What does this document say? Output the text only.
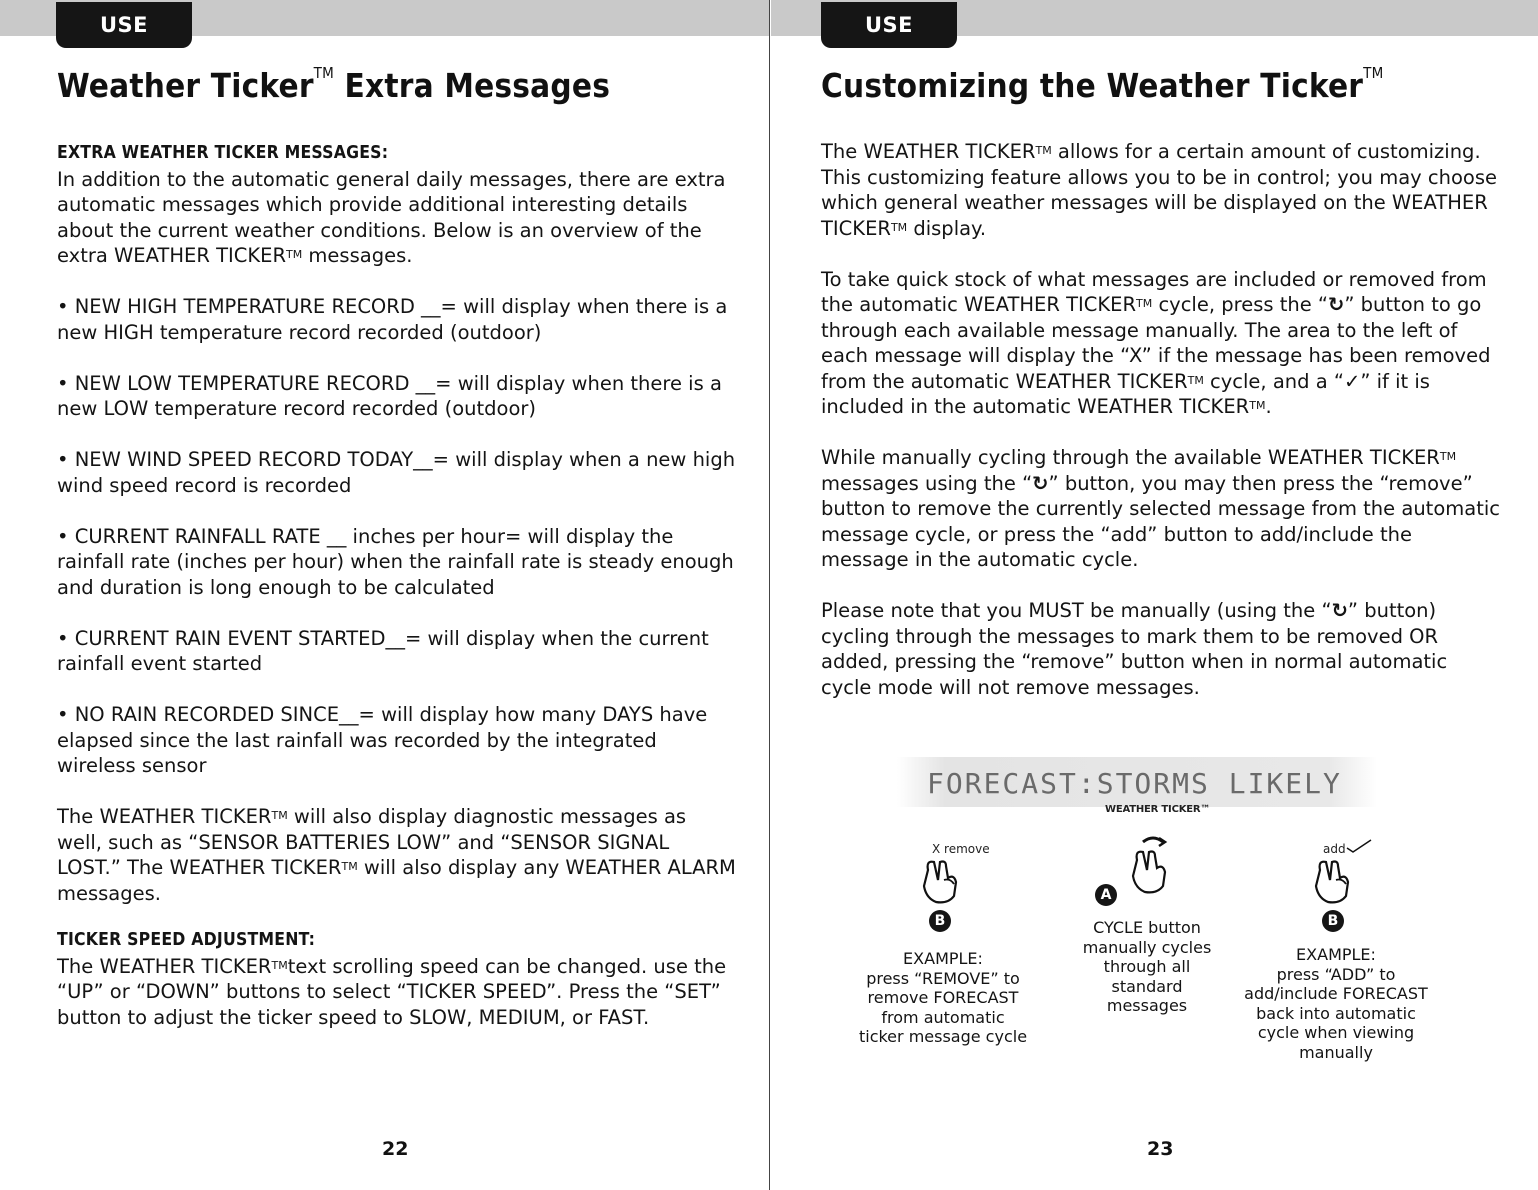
USE
Weather Ticker™ Extra Messages
EXTRA WEATHER TICKER MESSAGES:

In addition to the automatic general daily messages, there are extra automatic messages which provide additional interesting details about the current weather conditions. Below is an overview of the extra WEATHER TICKER™ messages.

• NEW HIGH TEMPERATURE RECORD __= will display when there is a new HIGH temperature record recorded (outdoor)

• NEW LOW TEMPERATURE RECORD __= will display when there is a new LOW temperature record recorded (outdoor)

• NEW WIND SPEED RECORD TODAY__= will display when a new high wind speed record is recorded

• CURRENT RAINFALL RATE __ inches per hour= will display the rainfall rate (inches per hour) when the rainfall rate is steady enough and duration is long enough to be calculated

• CURRENT RAIN EVENT STARTED__= will display when the current rainfall event started

• NO RAIN RECORDED SINCE__= will display how many DAYS have elapsed since the last rainfall was recorded by the integrated wireless sensor

The WEATHER TICKER™ will also display diagnostic messages as well, such as “SENSOR BATTERIES LOW” and “SENSOR SIGNAL LOST.” The WEATHER TICKER™ will also display any WEATHER ALARM messages.

TICKER SPEED ADJUSTMENT:

The WEATHER TICKER™text scrolling speed can be changed. use the “UP” or “DOWN” buttons to select “TICKER SPEED”. Press the “SET” button to adjust the ticker speed to SLOW, MEDIUM, or FAST.

22
USE
Customizing the Weather Ticker™

The WEATHER TICKER™ allows for a certain amount of customizing. This customizing feature allows you to be in control; you may choose which general weather messages will be displayed on the WEATHER TICKER™ display.

To take quick stock of what messages are included or removed from the automatic WEATHER TICKER™ cycle, press the “↻” button to go through each available message manually. The area to the left of each message will display the “X” if the message has been removed from the automatic WEATHER TICKER™ cycle, and a “✓” if it is included in the automatic WEATHER TICKER™.

While manually cycling through the available WEATHER TICKER™ messages using the “↻” button, you may then press the “remove” button to remove the currently selected message from the automatic message cycle, or press the “add” button to add/include the message in the automatic cycle.

Please note that you MUST be manually (using the “↻” button) cycling through the messages to mark them to be removed OR added, pressing the “remove” button when in normal automatic cycle mode will not remove messages.

FORECAST:STORMS LIKELY
WEATHER TICKER™
X remove
B
EXAMPLE:
press “REMOVE” to
remove FORECAST
from automatic
ticker message cycle
A
CYCLE button
manually cycles
through all
standard
messages
add
B
EXAMPLE:
press “ADD” to
add/include FORECAST
back into automatic
cycle when viewing
manually
23
